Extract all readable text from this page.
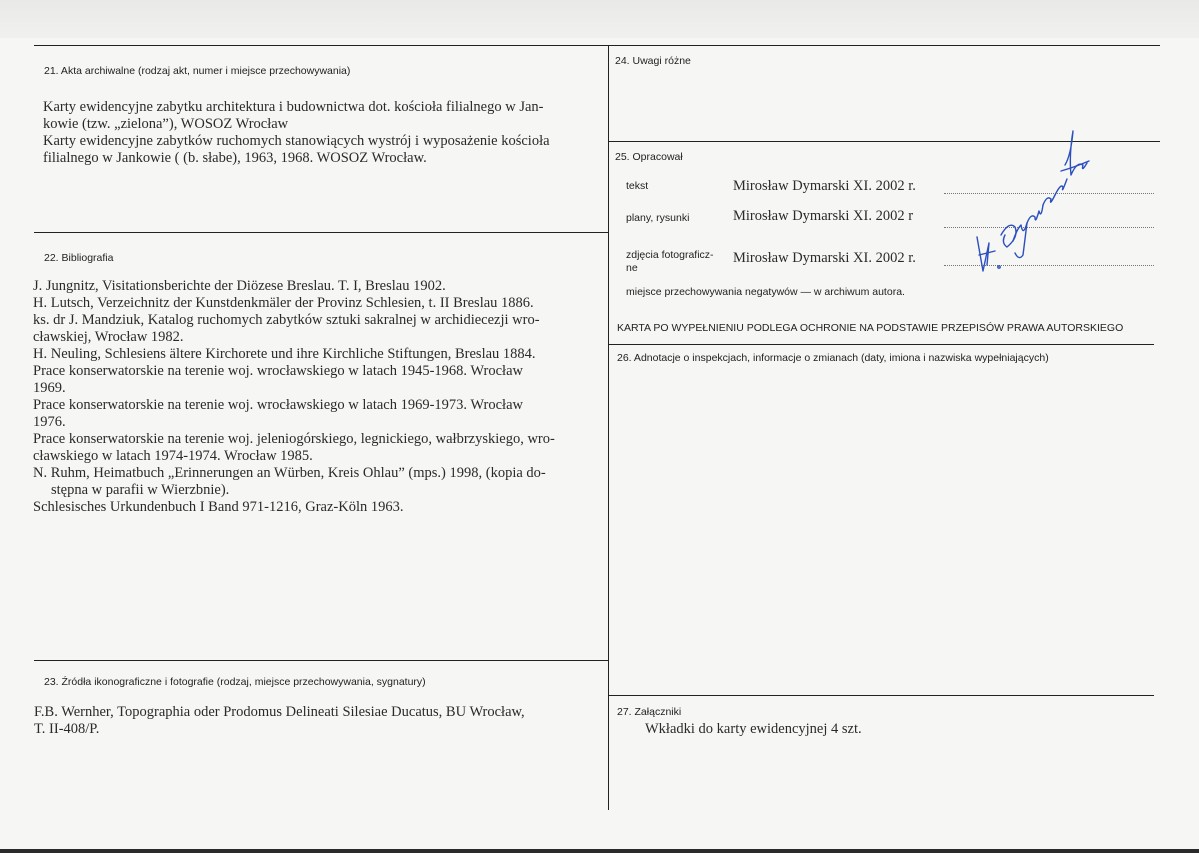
21. Akta archiwalne (rodzaj akt, numer i miejsce przechowywania)
Karty ewidencyjne zabytku architektura i budownictwa dot. kościoła filialnego w Jan-
kowie (tzw. „zielona”), WOSOZ Wrocław
Karty ewidencyjne zabytków ruchomych stanowiących wystrój i wyposażenie kościoła
filialnego w Jankowie ( (b. słabe), 1963, 1968. WOSOZ Wrocław.
22. Bibliografia
J. Jungnitz, Visitationsberichte der Diözese Breslau. T. I, Breslau 1902.
H. Lutsch, Verzeichnitz der Kunstdenkmäler der Provinz Schlesien, t. II Breslau 1886.
ks. dr J. Mandziuk, Katalog ruchomych zabytków sztuki sakralnej w archidiecezji wro-
cławskiej, Wrocław 1982.
H. Neuling, Schlesiens ältere Kirchorete und ihre Kirchliche Stiftungen, Breslau 1884.
Prace konserwatorskie na terenie woj. wrocławskiego w latach 1945-1968. Wrocław
1969.
Prace konserwatorskie na terenie woj. wrocławskiego w latach 1969-1973. Wrocław
1976.
Prace konserwatorskie na terenie woj. jeleniogórskiego, legnickiego, wałbrzyskiego, wro-
cławskiego w latach 1974-1974. Wrocław 1985.
N. Ruhm, Heimatbuch „Erinnerungen an Würben, Kreis Ohlau” (mps.) 1998, (kopia do-
stępna w parafii w Wierzbnie).
Schlesisches Urkundenbuch I Band 971-1216, Graz-Köln 1963.
23. Źródła ikonograficzne i fotografie (rodzaj, miejsce przechowywania, sygnatury)
F.B. Wernher, Topographia oder Prodomus Delineati Silesiae Ducatus, BU Wrocław,
T. II-408/P.
24. Uwagi różne
25. Opracował
tekst	Mirosław Dymarski XI. 2002 r.
plany, rysunki	Mirosław Dymarski XI. 2002 r
zdjęcia fotograficz-
ne
Mirosław Dymarski XI. 2002 r.
miejsce przechowywania negatywów — w archiwum autora.
KARTA PO WYPEŁNIENIU PODLEGA OCHRONIE NA PODSTAWIE PRZEPISÓW PRAWA AUTORSKIEGO
26. Adnotacje o inspekcjach, informacje o zmianach (daty, imiona i nazwiska wypełniających)
27. Załączniki
Wkładki do karty ewidencyjnej 4 szt.
